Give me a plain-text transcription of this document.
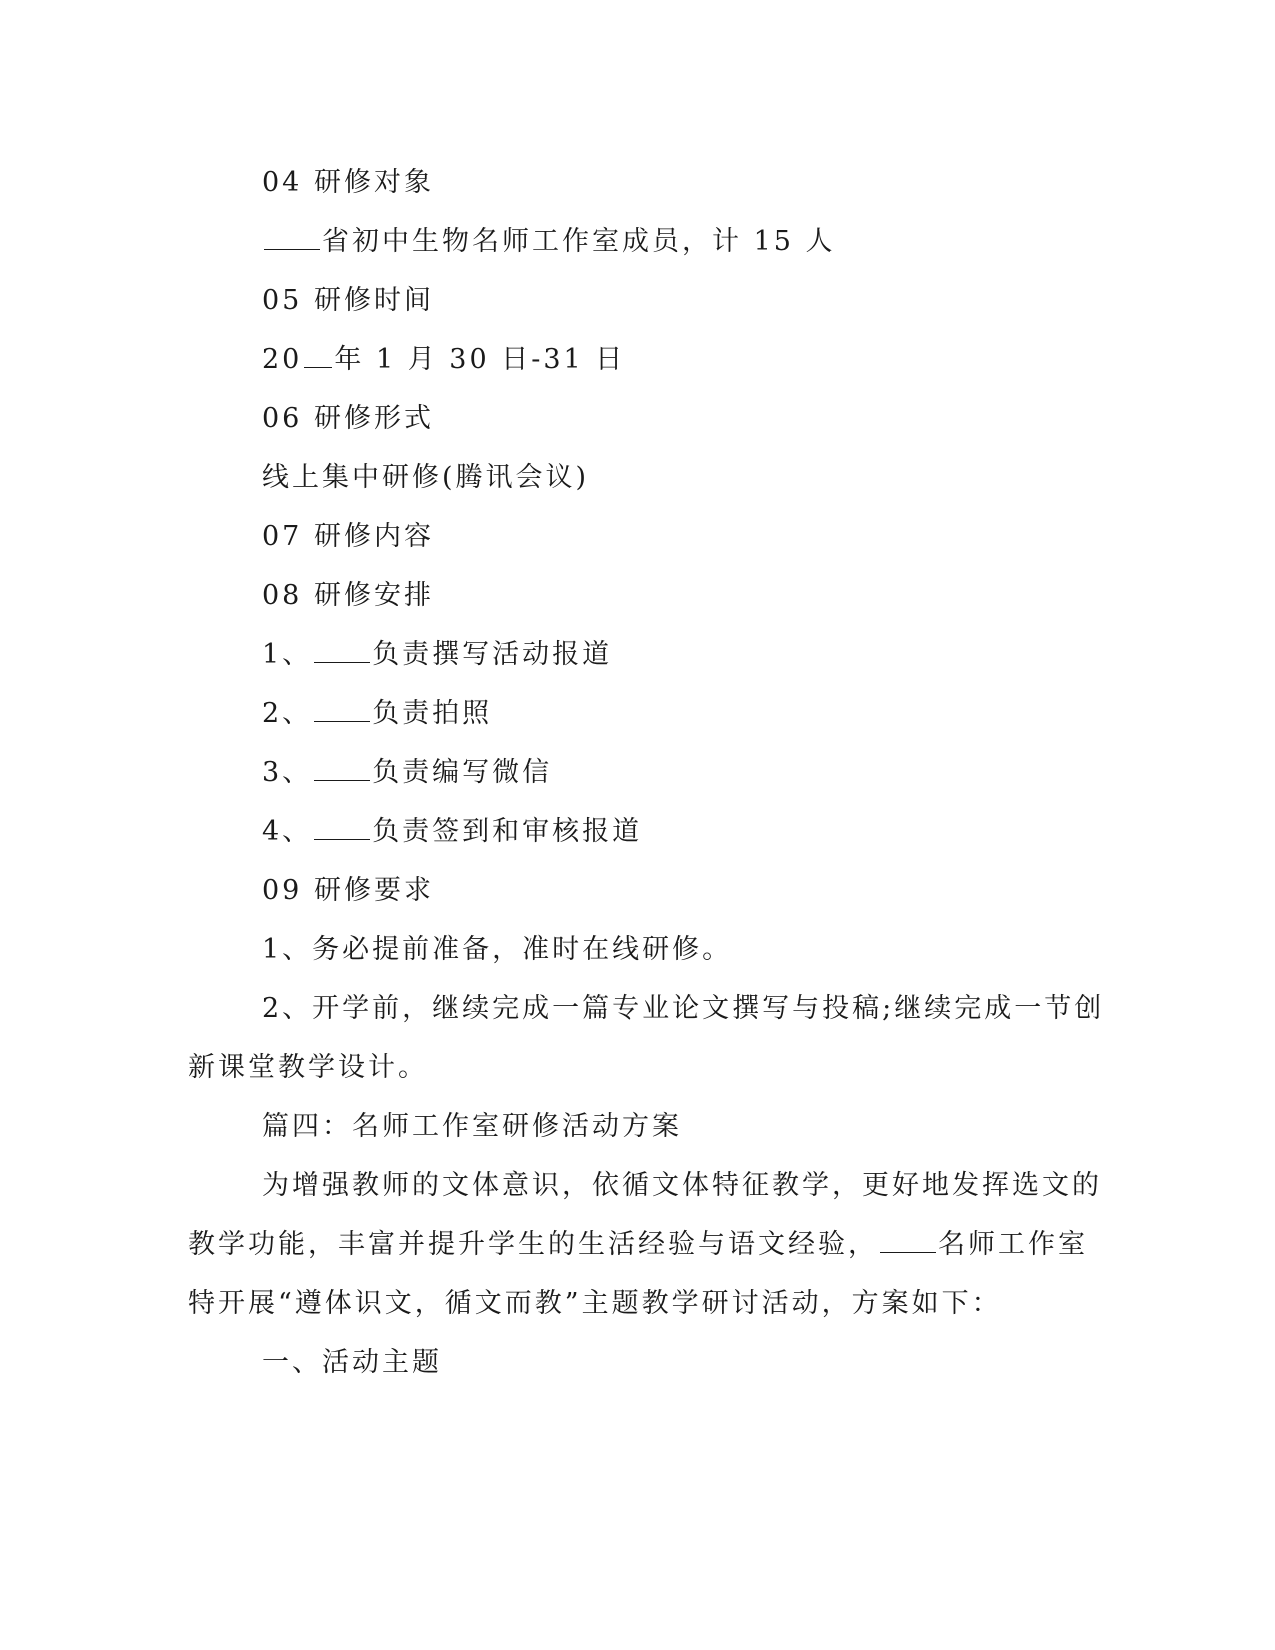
04 研修对象
省初中生物名师工作室成员，计 15 人
05 研修时间
20 年 1 月 30 日-31 日
06 研修形式
线上集中研修(腾讯会议)
07 研修内容
08 研修安排
1、 负责撰写活动报道
2、 负责拍照
3、 负责编写微信
4、 负责签到和审核报道
09 研修要求
1、务必提前准备，准时在线研修。
2、开学前，继续完成一篇专业论文撰写与投稿;继续完成一节创
新课堂教学设计。
篇四：名师工作室研修活动方案
为增强教师的文体意识，依循文体特征教学，更好地发挥选文的
教学功能，丰富并提升学生的生活经验与语文经验， 名师工作室
特开展“遵体识文，循文而教”主题教学研讨活动，方案如下：
一、活动主题
